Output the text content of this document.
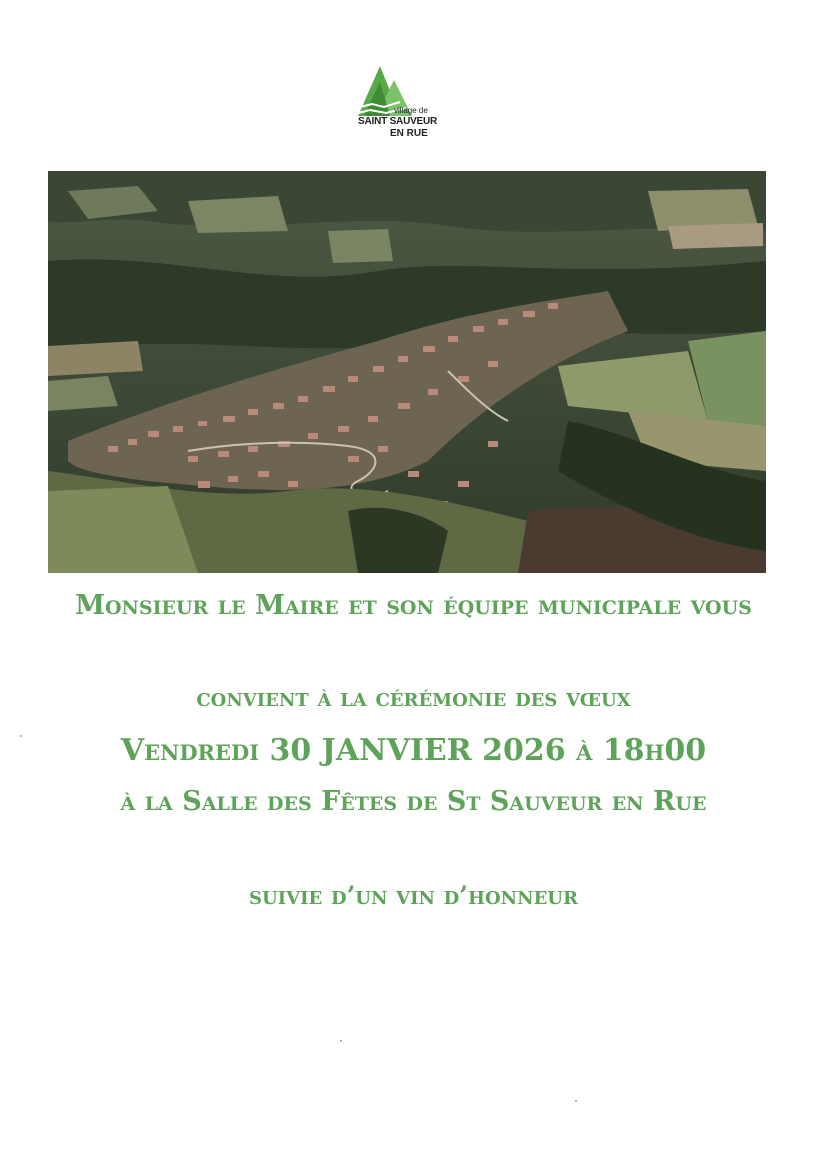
village de
SAINT SAUVEUR
EN RUE
Monsieur le Maire et son équipe municipale vous
convient à la cérémonie des vœux
Vendredi 30 JANVIER 2026 à 18h00
à la Salle des Fêtes de St Sauveur en Rue
suivie d’un vin d’honneur
